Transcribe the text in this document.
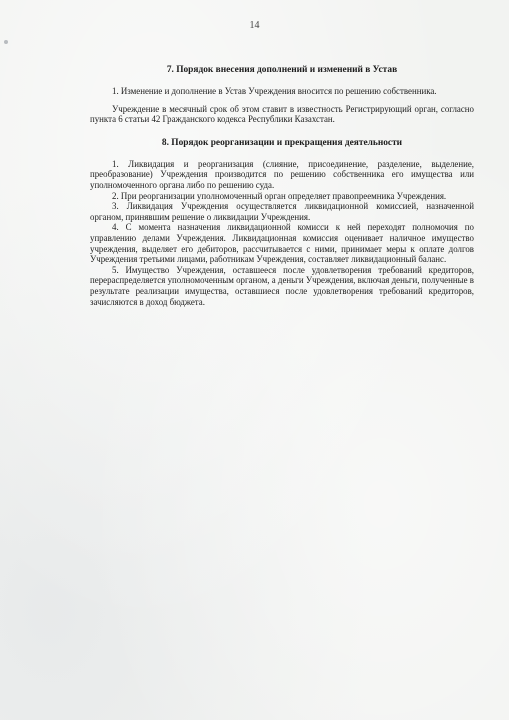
14
7. Порядок внесения дополнений и изменений в Устав

1. Изменение и дополнение в Устав Учреждения вносится по решению собственника.

Учреждение в месячный срок об этом ставит в известность Регистрирующий орган, согласно пункта 6 статьи 42 Гражданского кодекса Республики Казахстан.

8. Порядок реорганизации и прекращения деятельности

1. Ликвидация и реорганизация (слияние, присоединение, разделение, выделение, преобразование) Учреждения производится по решению собственника его имущества или уполномоченного органа либо по решению суда.

2. При реорганизации уполномоченный орган определяет правопреемника Учреждения.

3. Ликвидация Учреждения осуществляется ликвидационной комиссией, назначенной органом, принявшим решение о ликвидации Учреждения.

4. С момента назначения ликвидационной комисси к ней переходят полномочия по управлению делами Учреждения. Ликвидационная комиссия оценивает наличное имущество учреждения, выделяет его дебиторов, рассчитывается с ними, принимает меры к оплате долгов Учреждения третьими лицами, работникам Учреждения, составляет ликвидационный баланс.

5. Имущество Учреждения, оставшееся после удовлетворения требований кредиторов, перераспределяется уполномоченным органом, а деньги Учреждения, включая деньги, полученные в результате реализации имущества, оставшиеся после удовлетворения требований кредиторов, зачисляются в доход бюджета.
